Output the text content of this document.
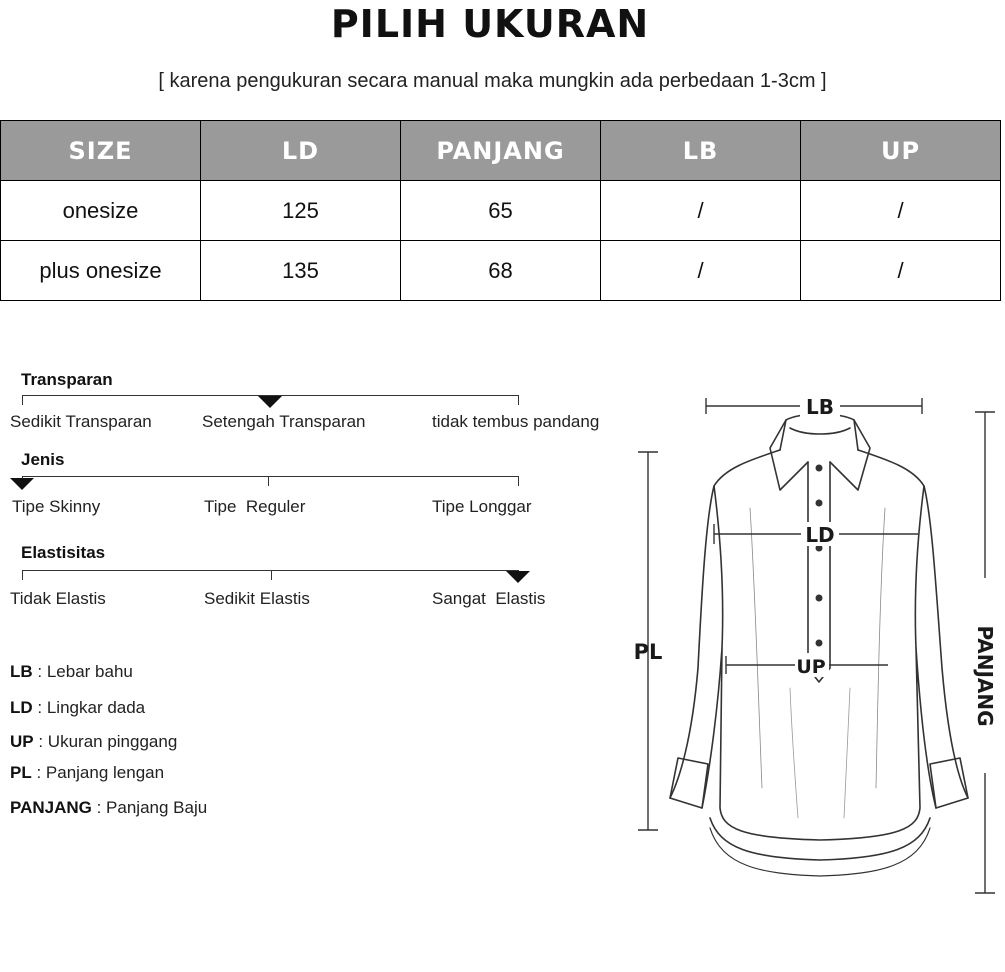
PILIH UKURAN
[ karena pengukuran secara manual maka mungkin ada perbedaan 1-3cm ]
SIZE	LD	PANJANG	LB	UP
onesize	125	65	/	/
plus onesize	135	68	/	/
Transparan
Sedikit Transparan	Setengah Transparan	tidak tembus pandang
Jenis
Tipe Skinny	Tipe  Reguler	Tipe Longgar
Elastisitas
Tidak Elastis	Sedikit Elastis	Sangat  Elastis
LB : Lebar bahu
LD : Lingkar dada
UP : Ukuran pinggang
PL : Panjang lengan
PANJANG : Panjang Baju
LB
LD
UP
PL	PANJANG
